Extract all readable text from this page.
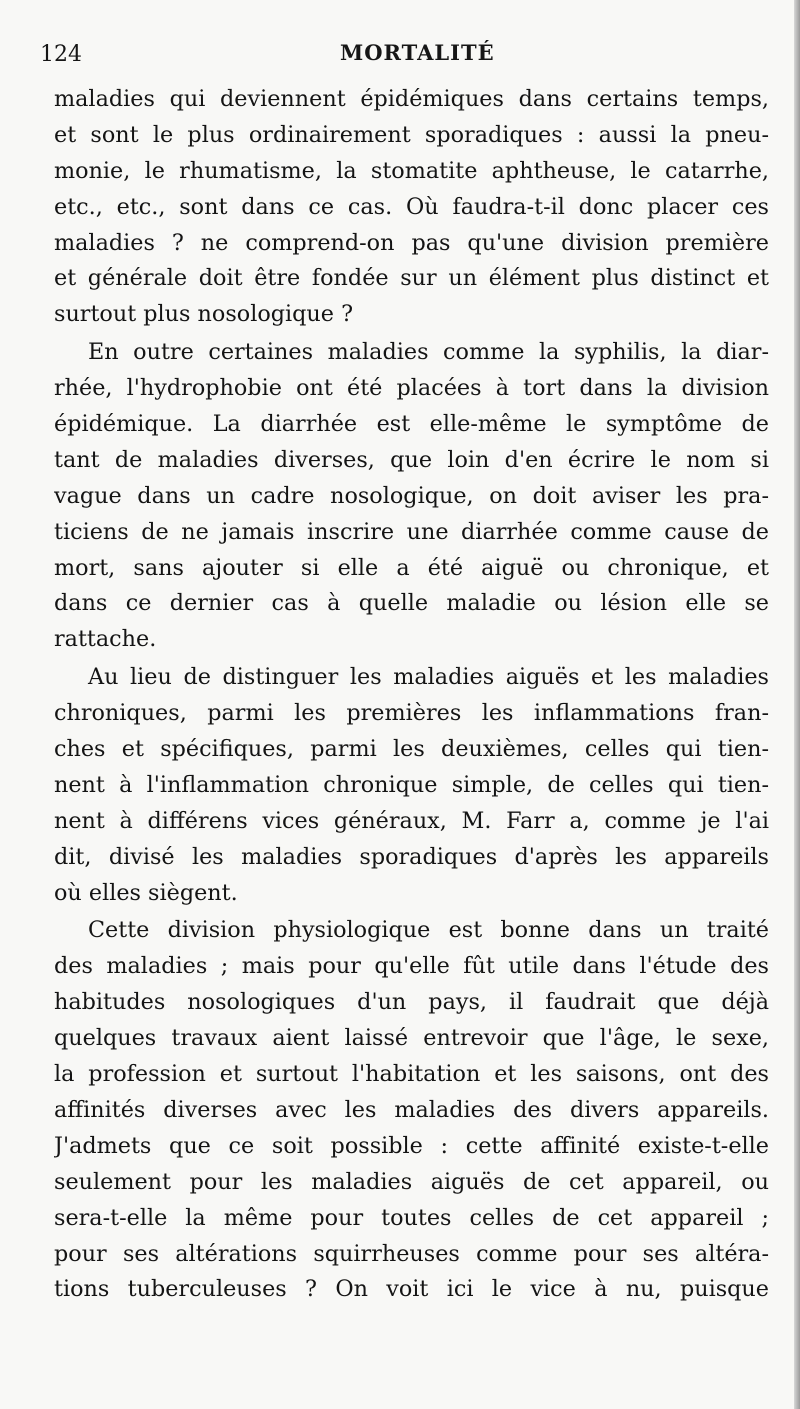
124	MORTALITÉ
maladies qui deviennent épidémiques dans certains temps,
et sont le plus ordinairement sporadiques : aussi la pneu-
monie, le rhumatisme, la stomatite aphtheuse, le catarrhe,
etc., etc., sont dans ce cas. Où faudra-t-il donc placer ces
maladies ? ne comprend-on pas qu'une division première
et générale doit être fondée sur un élément plus distinct et
surtout plus nosologique ?
En outre certaines maladies comme la syphilis, la diar-
rhée, l'hydrophobie ont été placées à tort dans la division
épidémique. La diarrhée est elle-même le symptôme de
tant de maladies diverses, que loin d'en écrire le nom si
vague dans un cadre nosologique, on doit aviser les pra-
ticiens de ne jamais inscrire une diarrhée comme cause de
mort, sans ajouter si elle a été aiguë ou chronique, et
dans ce dernier cas à quelle maladie ou lésion elle se
rattache.
Au lieu de distinguer les maladies aiguës et les maladies
chroniques, parmi les premières les inflammations fran-
ches et spécifiques, parmi les deuxièmes, celles qui tien-
nent à l'inflammation chronique simple, de celles qui tien-
nent à différens vices généraux, M. Farr a, comme je l'ai
dit, divisé les maladies sporadiques d'après les appareils
où elles siègent.
Cette division physiologique est bonne dans un traité
des maladies ; mais pour qu'elle fût utile dans l'étude des
habitudes nosologiques d'un pays, il faudrait que déjà
quelques travaux aient laissé entrevoir que l'âge, le sexe,
la profession et surtout l'habitation et les saisons, ont des
affinités diverses avec les maladies des divers appareils.
J'admets que ce soit possible : cette affinité existe-t-elle
seulement pour les maladies aiguës de cet appareil, ou
sera-t-elle la même pour toutes celles de cet appareil ;
pour ses altérations squirrheuses comme pour ses altéra-
tions tuberculeuses ? On voit ici le vice à nu, puisque
